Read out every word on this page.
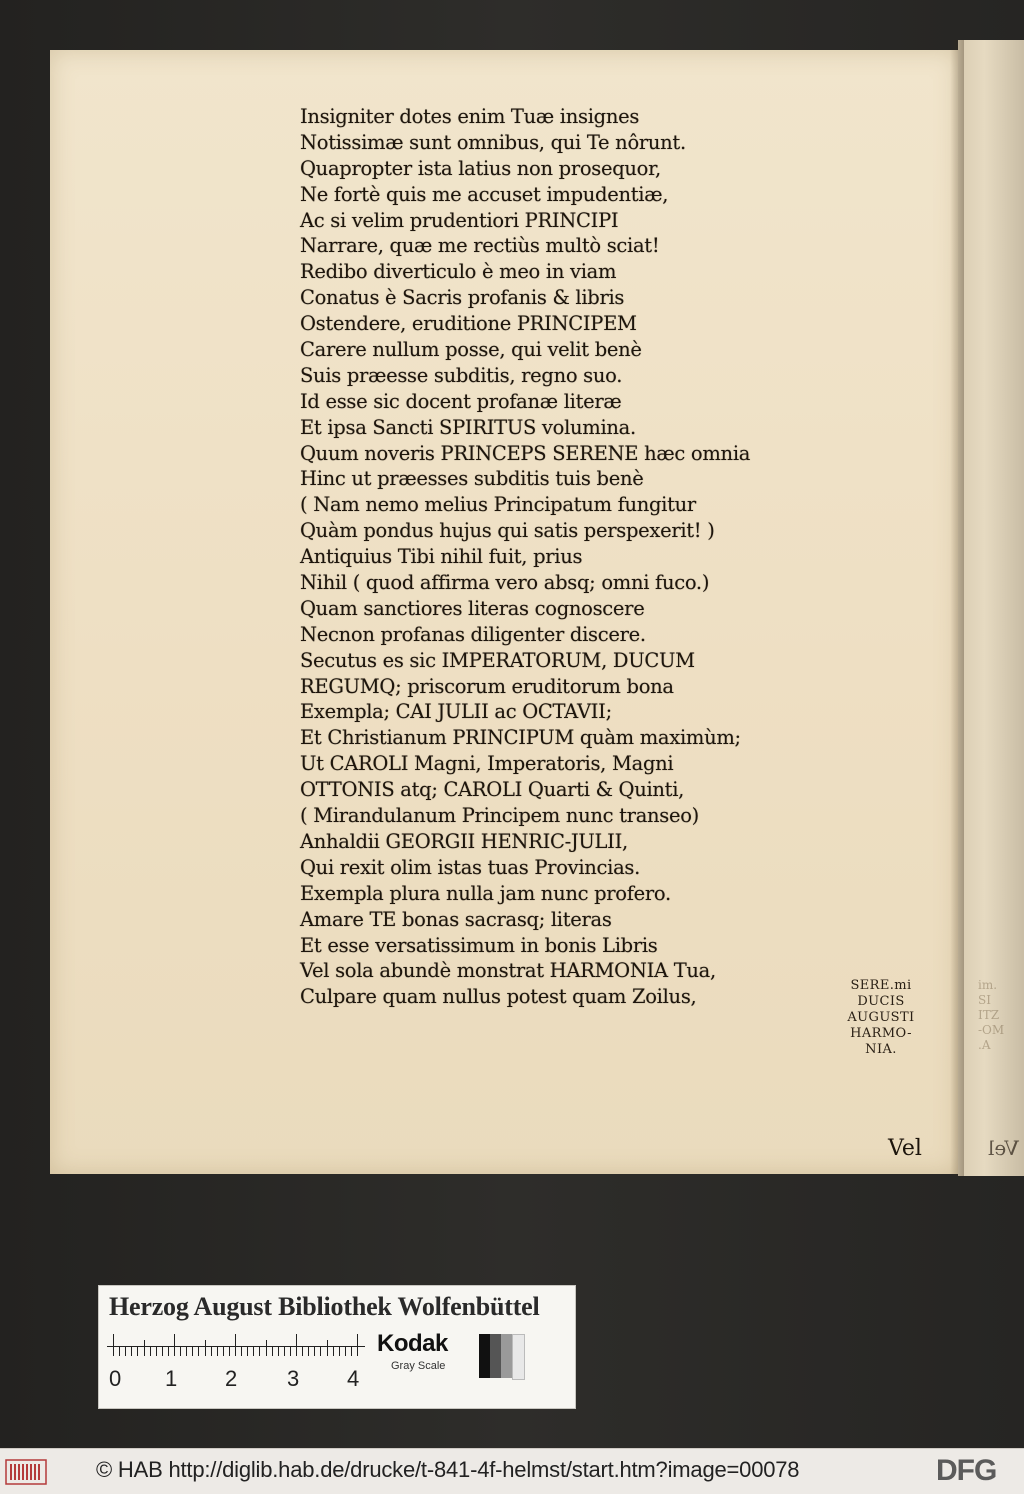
im.
SI
ITZ
-OM
.A
Insigniter dotes enim Tuæ insignes
Notissimæ sunt omnibus, qui Te nôrunt.
Quapropter ista latius non prosequor,
Ne fortè quis me accuset impudentiæ,
Ac si velim prudentiori PRINCIPI
Narrare, quæ me rectiùs multò sciat!
Redibo diverticulo è meo in viam
Conatus è Sacris profanis & libris
Ostendere, eruditione PRINCIPEM
Carere nullum posse, qui velit benè
Suis præesse subditis, regno suo.
Id esse sic docent profanæ literæ
Et ipsa Sancti SPIRITUS volumina.
Quum noveris PRINCEPS SERENE hæc omnia
Hinc ut præesses subditis tuis benè
( Nam nemo melius Principatum fungitur
Quàm pondus hujus qui satis perspexerit! )
Antiquius Tibi nihil fuit, prius
Nihil ( quod affirma vero absq; omni fuco.)
Quam sanctiores literas cognoscere
Necnon profanas diligenter discere.
Secutus es sic IMPERATORUM, DUCUM
REGUMQ; priscorum eruditorum bona
Exempla; CAI JULII ac OCTAVII;
Et Christianum PRINCIPUM quàm maximùm;
Ut CAROLI Magni, Imperatoris, Magni
OTTONIS atq; CAROLI Quarti & Quinti,
( Mirandulanum Principem nunc transeo)
Anhaldii GEORGII HENRIC-JULII,
Qui rexit olim istas tuas Provincias.
Exempla plura nulla jam nunc profero.
Amare TE bonas sacrasq; literas
Et esse versatissimum in bonis Libris
Vel sola abundè monstrat HARMONIA Tua,
Culpare quam nullus potest quam Zoilus,	SERE.mi
DUCIS
AUGUSTI
HARMO-
NIA.
Vel	Vel
Herzog August Bibliothek Wolfenbüttel
0 1 2 3 4
Kodak
Gray Scale
© HAB http://diglib.hab.de/drucke/t-841-4f-helmst/start.htm?image=00078	DFG
